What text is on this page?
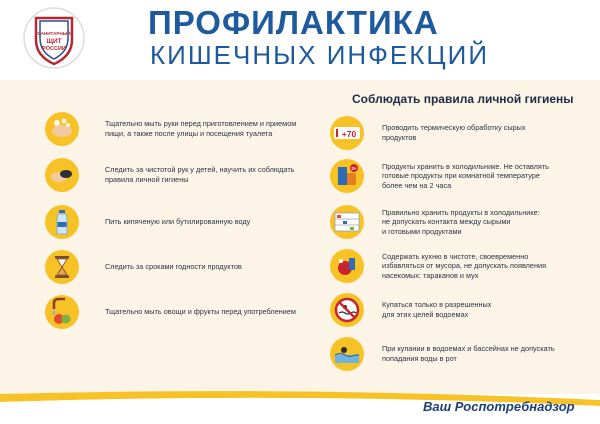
САНИТАРНЫЙ
ЩИТ
РОССИИ
ПРОФИЛАКТИКА
КИШЕЧНЫХ ИНФЕКЦИЙ
Соблюдать правила личной гигиены
Тщательно мыть руки перед приготовлением и приемом
пищи, а также после улицы и посещения туалета
Следить за чистотой рук у детей, научить их соблюдать
правила личной гигиены
Пить кипяченую или бутилированную воду
Следить за сроками годности продуктов
Тщательно мыть овощи и фрукты перед употреблением
+70
Проводить термическую обработку сырых
продуктов
2+	Продукты хранить в холодильнике. Не оставлять
готовые продукты при комнатной температуре
более чем на 2 часа
Правильно хранить продукты в холодильнике:
не допускать контакта между сырыми
и готовыми продуктами
Содержать кухню в чистоте, своевременно
избавляться от мусора, не допускать появления
насекомых: тараканов и мух
Купаться только в разрешенных
для этих целей водоемах
При купании в водоемах и бассейнах не допускать
попадания воды в рот
Ваш Роспотребнадзор
